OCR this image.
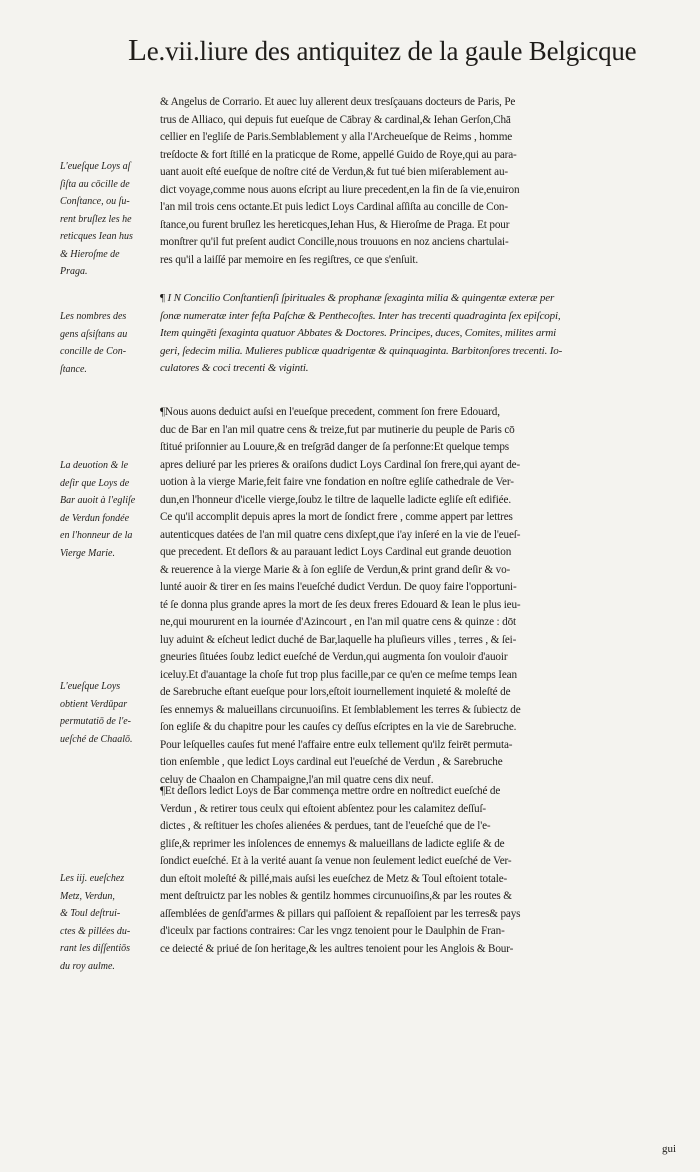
Le.vii.liure des antiquitez de la gaule Belgicque
& Angelus de Corrario. Et auec luy allerent deux tresſçauans docteurs de Paris, Pe
trus de Alliaco, qui depuis fut eueſque de Cābray & cardinal,& Iehan Gerſon,Chā
cellier en l'egliſe de Paris.Semblablement y alla l'Archeueſque de Reims , homme
treſdocte & fort ſtillé en la praticque de Rome, appellé Guido de Roye,qui au para-
uant auoit eſté eueſque de noſtre cité de Verdun,& fut tué bien miſerablement au-
dict voyage,comme nous auons eſcript au liure precedent,en la fin de ſa vie,enuiron
l'an mil trois cens octante.Et puis ledict Loys Cardinal aſſiſta au concille de Con-
ſtance,ou furent bruſlez les hereticques,Iehan Hus, & Hieroſme de Praga. Et pour
monſtrer qu'il fut preſent audict Concille,nous trouuons en noz anciens chartulai-
res qu'il a laiſſé par memoire en ſes regiſtres, ce que s'enſuit.
L'eueſque Loys aſ
ſiſta au cōcille de
Conſtance, ou ſu-
rent bruſlez les he
reticques Iean hus
& Hieroſme de
Praga.
¶ I N Concilio Conſtantienſi ſpirituales & prophanæ ſexaginta milia & quingentæ exteræ per
ſonæ numeratæ inter feſta Paſchæ & Penthecoſtes. Inter has trecenti quadraginta ſex epiſcopi,
Item quingēti ſexaginta quatuor Abbates & Doctores. Principes, duces, Comites, milites armi
geri, ſedecim milia. Mulieres publicæ quadrigentæ & quinquaginta. Barbitonſores trecenti. Io-
culatores & coci trecenti & viginti.
Les nombres des
gens aſsiſtans au
concille de Con-
ſtance.
¶Nous auons deduict auſsi en l'eueſque precedent, comment ſon frere Edouard,
duc de Bar en l'an mil quatre cens & treize,fut par mutinerie du peuple de Paris cō
ſtitué priſonnier au Louure,& en treſgrād danger de ſa perſonne:Et quelque temps
apres deliuré par les prieres & oraiſons dudict Loys Cardinal ſon frere,qui ayant de-
uotion à la vierge Marie,feit faire vne fondation en noſtre egliſe cathedrale de Ver-
dun,en l'honneur d'icelle vierge,ſoubz le tiltre de laquelle ladicte egliſe eſt edifiée.
Ce qu'il accomplit depuis apres la mort de ſondict frere , comme appert par lettres
autenticques datées de l'an mil quatre cens dixſept,que i'ay inſeré en la vie de l'eueſ-
que precedent. Et deſlors & au parauant ledict Loys Cardinal eut grande deuotion
& reuerence à la vierge Marie & à ſon egliſe de Verdun,& print grand deſir & vo-
lunté auoir & tirer en ſes mains l'eueſché dudict Verdun. De quoy faire l'opportuni-
té ſe donna plus grande apres la mort de ſes deux freres Edouard & Iean le plus ieu-
ne,qui moururent en la iournée d'Azincourt , en l'an mil quatre cens & quinze : dōt
luy aduint & eſcheut ledict duché de Bar,laquelle ha pluſieurs villes , terres , & ſei-
gneuries ſituées ſoubz ledict eueſché de Verdun,qui augmenta ſon vouloir d'auoir
iceluy.Et d'auantage la choſe fut trop plus facille,par ce qu'en ce meſme temps Iean
de Sarebruche eſtant eueſque pour lors,eſtoit iournellement inquieté & moleſté de
ſes ennemys & malueillans circunuoiſins. Et ſemblablement les terres & ſubiectz de
ſon egliſe & du chapitre pour les cauſes cy deſſus eſcriptes en la vie de Sarebruche.
Pour leſquelles cauſes fut mené l'affaire entre eulx tellement qu'ilz feirēt permuta-
tion enſemble , que ledict Loys cardinal eut l'eueſché de Verdun , & Sarebruche
celuy de Chaalon en Champaigne,l'an mil quatre cens dix neuf.
La deuotion & le
deſir que Loys de
Bar auoit à l'egliſe
de Verdun fondée
en l'honneur de la
Vierge Marie.
L'eueſque Loys
obtient Verdūpar
permutatiō de l'e-
ueſché de Chaalō.
¶Et deſlors ledict Loys de Bar commença mettre ordre en noſtredict eueſché de
Verdun , & retirer tous ceulx qui eſtoient abſentez pour les calamitez deſſuſ-
dictes , & reſtituer les choſes alienées & perdues, tant de l'eueſché que de l'e-
gliſe,& reprimer les inſolences de ennemys & malueillans de ladicte egliſe & de
ſondict eueſché. Et à la verité auant ſa venue non ſeulement ledict eueſché de Ver-
dun eſtoit moleſté & pillé,mais auſsi les eueſchez de Metz & Toul eſtoient totale-
ment deſtruictz par les nobles & gentilz hommes circunuoiſins,& par les routes &
aſſemblées de genſd'armes & pillars qui paſſoient & repaſſoient par les terres& pays
d'iceulx par factions contraires: Car les vngz tenoient pour le Daulphin de Fran-
ce deiecté & priué de ſon heritage,& les aultres tenoient pour les Anglois & Bour-
Les iij. eueſchez
Metz, Verdun,
& Toul deſtrui-
ctes & pillées du-
rant les diſſentiōs
du roy aulme.
gui
